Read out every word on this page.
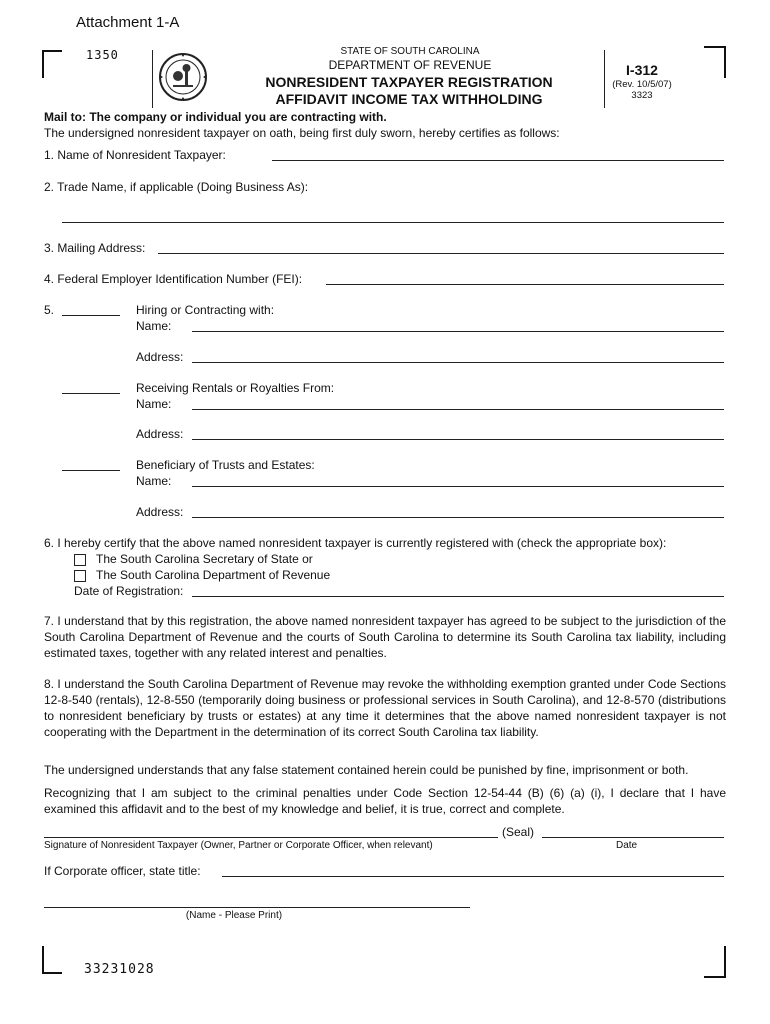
Attachment 1-A
1350	STATE OF SOUTH CAROLINA
DEPARTMENT OF REVENUE
NONRESIDENT TAXPAYER REGISTRATION
AFFIDAVIT INCOME TAX WITHHOLDING
I-312
(Rev. 10/5/07)
3323
Mail to: The company or individual you are contracting with.
The undersigned nonresident taxpayer on oath, being first duly sworn, hereby certifies as follows:
1. Name of Nonresident Taxpayer:
2. Trade Name, if applicable (Doing Business As):
3. Mailing Address:
4. Federal Employer Identification Number (FEI):
5.	Hiring or Contracting with:
Name:
Address:
Receiving Rentals or Royalties From:
Name:
Address:
Beneficiary of Trusts and Estates:
Name:
Address:
6. I hereby certify that the above named nonresident taxpayer is currently registered with (check the appropriate box):
The South Carolina Secretary of State or
The South Carolina Department of Revenue
Date of Registration:
7. I understand that by this registration, the above named nonresident taxpayer has agreed to be subject to the jurisdiction of the South Carolina Department of Revenue and the courts of South Carolina to determine its South Carolina tax liability, including estimated taxes, together with any related interest and penalties.
8. I understand the South Carolina Department of Revenue may revoke the withholding exemption granted under Code Sections 12-8-540 (rentals), 12-8-550 (temporarily doing business or professional services in South Carolina), and 12-8-570 (distributions to nonresident beneficiary by trusts or estates) at any time it determines that the above named nonresident taxpayer is not cooperating with the Department in the determination of its correct South Carolina tax liability.
The undersigned understands that any false statement contained herein could be punished by fine, imprisonment or both.
Recognizing that I am subject to the criminal penalties under Code Section 12-54-44 (B) (6) (a) (i), I declare that I have examined this affidavit and to the best of my knowledge and belief, it is true, correct and complete.
(Seal)
Signature of Nonresident Taxpayer (Owner, Partner or Corporate Officer, when relevant)	Date
If Corporate officer, state title:
(Name - Please Print)
33231028
